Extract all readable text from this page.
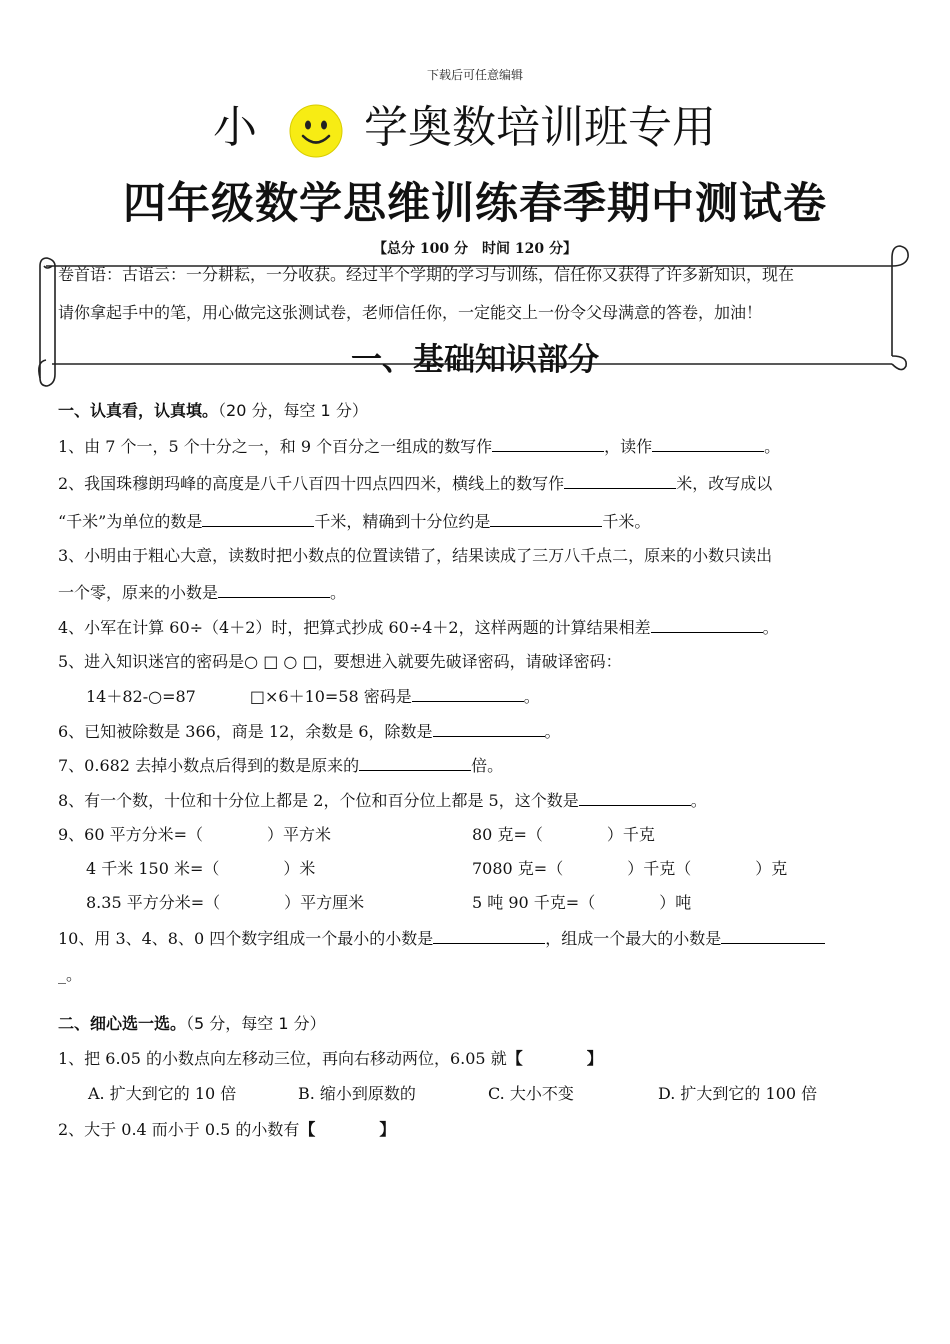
下载后可任意编辑
小 学奥数培训班专用
四年级数学思维训练春季期中测试卷
【总分 100 分　时间 120 分】
卷首语：古语云：一分耕耘，一分收获。经过半个学期的学习与训练，信任你又获得了许多新知识，现在
请你拿起手中的笔，用心做完这张测试卷，老师信任你，一定能交上一份令父母满意的答卷，加油！
一、基础知识部分
一、认真看，认真填。（20 分，每空 1 分）
1、由 7 个一，5 个十分之一，和 9 个百分之一组成的数写作	，读作	。
2、我国珠穆朗玛峰的高度是八千八百四十四点四四米，横线上的数写作	米，改写成以
“千米”为单位的数是	千米，精确到十分位约是	千米。
3、小明由于粗心大意，读数时把小数点的位置读错了，结果读成了三万八千点二，原来的小数只读出
一个零，原来的小数是	。
4、小军在计算 60÷（4＋2）时，把算式抄成 60÷4＋2，这样两题的计算结果相差	。
5、进入知识迷宫的密码是○ □ ○ □，要想进入就要先破译密码，请破译密码：
14＋82-○=87	□×6＋10=58 密码是	。
6、已知被除数是 366，商是 12，余数是 6，除数是	。
7、0.682 去掉小数点后得到的数是原来的	倍。
8、有一个数，十位和十分位上都是 2，个位和百分位上都是 5，这个数是	。
9、60 平方分米=（　　　　）平方米	80 克=（　　　　）千克
4 千米 150 米=（　　　　）米	7080 克=（　　　　）千克（　　　　）克
8.35 平方分米=（　　　　）平方厘米	5 吨 90 千克=（　　　　）吨
10、用 3、4、8、0 四个数字组成一个最小的小数是	，组成一个最大的小数是
_。
二、细心选一选。（5 分，每空 1 分）
1、把 6.05 的小数点向左移动三位，再向右移动两位，6.05 就【　　　　】
A. 扩大到它的 10 倍	B. 缩小到原数的	C. 大小不变	D. 扩大到它的 100 倍
2、大于 0.4 而小于 0.5 的小数有【　　　　】
